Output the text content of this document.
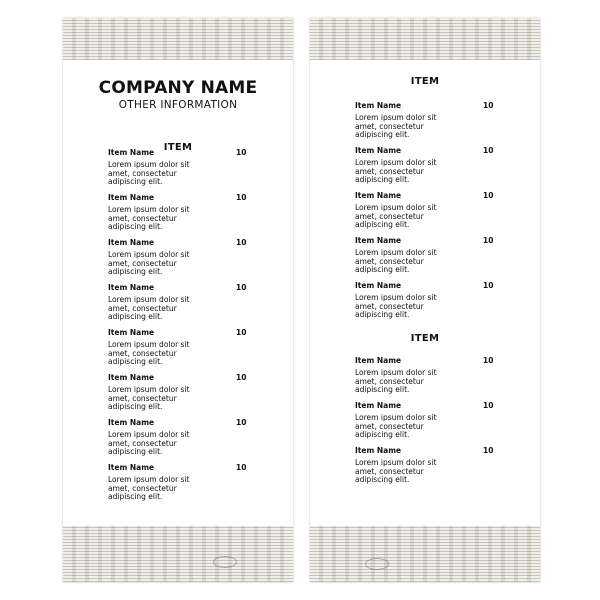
COMPANY NAME
OTHER INFORMATION
ITEM
Item Name	10
Lorem ipsum dolor sit amet, consectetur adipiscing elit.
Item Name	10
Lorem ipsum dolor sit amet, consectetur adipiscing elit.
Item Name	10
Lorem ipsum dolor sit amet, consectetur adipiscing elit.
Item Name	10
Lorem ipsum dolor sit amet, consectetur adipiscing elit.
Item Name	10
Lorem ipsum dolor sit amet, consectetur adipiscing elit.
Item Name	10
Lorem ipsum dolor sit amet, consectetur adipiscing elit.
Item Name	10
Lorem ipsum dolor sit amet, consectetur adipiscing elit.
Item Name	10
Lorem ipsum dolor sit amet, consectetur adipiscing elit.
ITEM
Item Name	10
Lorem ipsum dolor sit amet, consectetur adipiscing elit.
Item Name	10
Lorem ipsum dolor sit amet, consectetur adipiscing elit.
Item Name	10
Lorem ipsum dolor sit amet, consectetur adipiscing elit.
Item Name	10
Lorem ipsum dolor sit amet, consectetur adipiscing elit.
Item Name	10
Lorem ipsum dolor sit amet, consectetur adipiscing elit.
ITEM
Item Name	10
Lorem ipsum dolor sit amet, consectetur adipiscing elit.
Item Name	10
Lorem ipsum dolor sit amet, consectetur adipiscing elit.
Item Name	10
Lorem ipsum dolor sit amet, consectetur adipiscing elit.
